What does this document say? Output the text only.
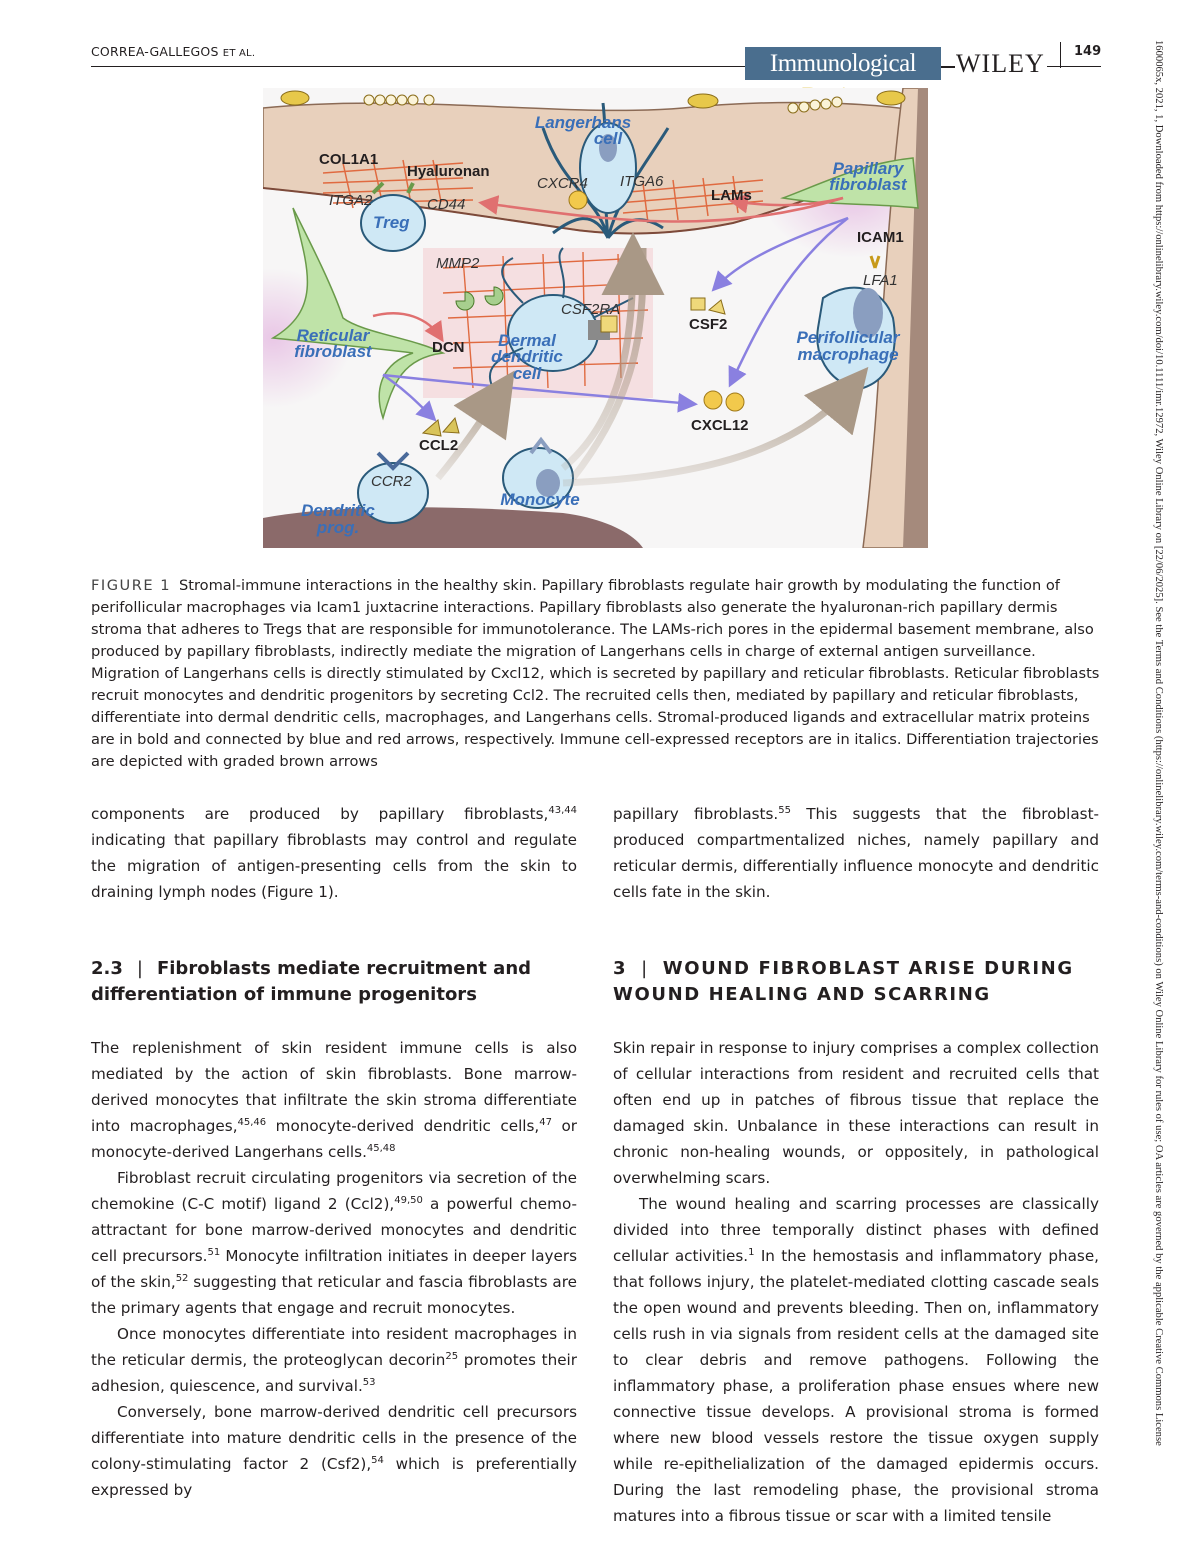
CORREA-GALLEGOS ET AL.	Immunological	WILEY 149	1600065x, 2021, 1, Downloaded from https://onlinelibrary.wiley.com/doi/10.1111/imr.12972, Wiley Online Library on [22/06/2025]. See the Terms and Conditions (https://onlinelibrary.wiley.com/terms-and-conditions) on Wiley Online Library for rules of use; OA articles are governed by the applicable Creative Commons License
Langerhans
cell
COL1A1
Hyaluronan
CXCR4 ITGA6
LAMs
Papillary
fibroblast
ITGA2	CD44
Treg
ICAM1
MMP2
LFA1
CSF2RA
CSF2
Reticular
fibroblast	DCN Dermal
dendritic
cell
Perifollicular
macrophage
CXCL12
CCL2
CCR2
Dendritic
prog.
Monocyte
FIGURE 1 Stromal-immune interactions in the healthy skin. Papillary fibroblasts regulate hair growth by modulating the function of perifollicular macrophages via Icam1 juxtacrine interactions. Papillary fibroblasts also generate the hyaluronan-rich papillary dermis stroma that adheres to Tregs that are responsible for immunotolerance. The LAMs-rich pores in the epidermal basement membrane, also produced by papillary fibroblasts, indirectly mediate the migration of Langerhans cells in charge of external antigen surveillance. Migration of Langerhans cells is directly stimulated by Cxcl12, which is secreted by papillary and reticular fibroblasts. Reticular fibroblasts recruit monocytes and dendritic progenitors by secreting Ccl2. The recruited cells then, mediated by papillary and reticular fibroblasts, differentiate into dermal dendritic cells, macrophages, and Langerhans cells. Stromal-produced ligands and extracellular matrix proteins are in bold and connected by blue and red arrows, respectively. Immune cell-expressed receptors are in italics. Differentiation trajectories are depicted with graded brown arrows

components are produced by papillary fibroblasts,$^{43,44}$ indicating that papillary fibroblasts may control and regulate the migration of antigen-presenting cells from the skin to draining lymph nodes (Figure 1).

2.3 | Fibroblasts mediate recruitment and differentiation of immune progenitors

The replenishment of skin resident immune cells is also mediated by the action of skin fibroblasts. Bone marrow-derived monocytes that infiltrate the skin stroma differentiate into macrophages,$^{45,46}$ monocyte-derived dendritic cells,$^{47}$ or monocyte-derived Langerhans cells.$^{45,48}$

Fibroblast recruit circulating progenitors via secretion of the chemokine (C-C motif) ligand 2 (Ccl2),$^{49,50}$ a powerful chemo-attractant for bone marrow-derived monocytes and dendritic cell precursors.$^{51}$ Monocyte infiltration initiates in deeper layers of the skin,$^{52}$ suggesting that reticular and fascia fibroblasts are the primary agents that engage and recruit monocytes.

Once monocytes differentiate into resident macrophages in the reticular dermis, the proteoglycan decorin$^{25}$ promotes their adhesion, quiescence, and survival.$^{53}$

Conversely, bone marrow-derived dendritic cell precursors differentiate into mature dendritic cells in the presence of the colony-stimulating factor 2 (Csf2),$^{54}$ which is preferentially expressed by

papillary fibroblasts.$^{55}$ This suggests that the fibroblast-produced compartmentalized niches, namely papillary and reticular dermis, differentially influence monocyte and dendritic cells fate in the skin.

3 | WOUND FIBROBLAST ARISE DURING WOUND HEALING AND SCARRING

Skin repair in response to injury comprises a complex collection of cellular interactions from resident and recruited cells that often end up in patches of fibrous tissue that replace the damaged skin. Unbalance in these interactions can result in chronic non-healing wounds, or oppositely, in pathological overwhelming scars.

The wound healing and scarring processes are classically divided into three temporally distinct phases with defined cellular activities.$^1$ In the hemostasis and inflammatory phase, that follows injury, the platelet-mediated clotting cascade seals the open wound and prevents bleeding. Then on, inflammatory cells rush in via signals from resident cells at the damaged site to clear debris and remove pathogens. Following the inflammatory phase, a proliferation phase ensues where new connective tissue develops. A provisional stroma is formed where new blood vessels restore the tissue oxygen supply while re-epithelialization of the damaged epidermis occurs. During the last remodeling phase, the provisional stroma matures into a fibrous tissue or scar with a limited tensile
